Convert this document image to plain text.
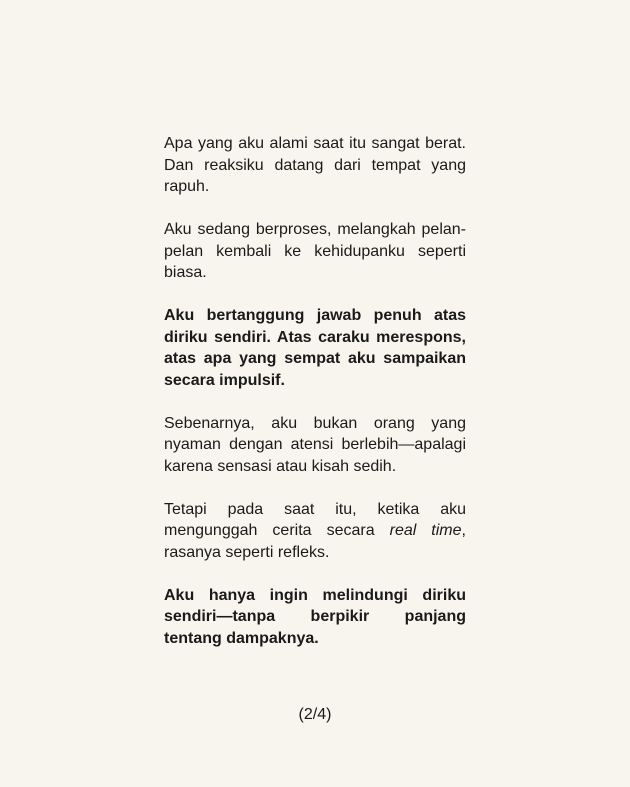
Apa yang aku alami saat itu sangat berat. Dan reaksiku datang dari tempat yang rapuh.

Aku sedang berproses, melangkah pelan-pelan kembali ke kehidupanku seperti biasa.

Aku bertanggung jawab penuh atas diriku sendiri. Atas caraku merespons, atas apa yang sempat aku sampaikan secara impulsif.

Sebenarnya, aku bukan orang yang nyaman dengan atensi berlebih—apalagi karena sensasi atau kisah sedih.

Tetapi pada saat itu, ketika aku mengunggah cerita secara real time, rasanya seperti refleks.

Aku hanya ingin melindungi diriku sendiri—tanpa berpikir panjang tentang dampaknya.

(2/4)
